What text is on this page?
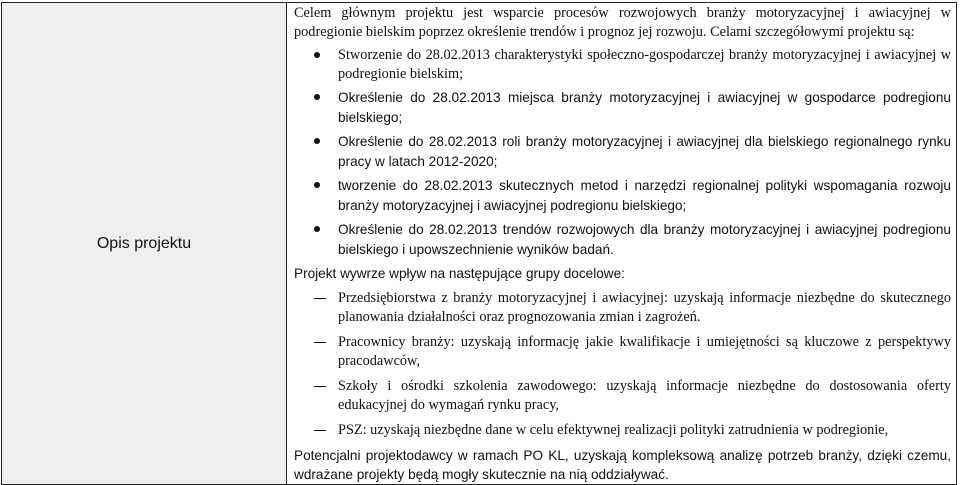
Opis projektu	

Celem głównym projektu jest wsparcie procesów rozwojowych branży motoryzacyjnej i awiacyjnej w podregionie bielskim poprzez określenie trendów i prognoz jej rozwoju. Celami szczegółowymi projektu są:

Stworzenie do 28.02.2013 charakterystyki społeczno-gospodarczej branży motoryzacyjnej i awiacyjnej w podregionie bielskim;
Określenie do 28.02.2013 miejsca branży motoryzacyjnej i awiacyjnej w gospodarce podregionu bielskiego;
Określenie do 28.02.2013 roli branży motoryzacyjnej i awiacyjnej dla bielskiego regionalnego rynku pracy w latach 2012-2020;
tworzenie do 28.02.2013 skutecznych metod i narzędzi regionalnej polityki wspomagania rozwoju branży motoryzacyjnej i awiacyjnej podregionu bielskiego;
Określenie do 28.02.2013 trendów rozwojowych dla branży motoryzacyjnej i awiacyjnej podregionu bielskiego i upowszechnienie wyników badań.

Projekt wywrze wpływ na następujące grupy docelowe:

Przedsiębiorstwa z branży motoryzacyjnej i awiacyjnej: uzyskają informacje niezbędne do skutecznego planowania działalności oraz prognozowania zmian i zagrożeń.
Pracownicy branży: uzyskają informację jakie kwalifikacje i umiejętności są kluczowe z perspektywy pracodawców,
Szkoły i ośrodki szkolenia zawodowego: uzyskają informacje niezbędne do dostosowania oferty edukacyjnej do wymagań rynku pracy,
PSZ: uzyskają niezbędne dane w celu efektywnej realizacji polityki zatrudnienia w podregionie,

Potencjalni projektodawcy w ramach PO KL, uzyskają kompleksową analizę potrzeb branży, dzięki czemu, wdrażane projekty będą mogły skutecznie na nią oddziaływać.
